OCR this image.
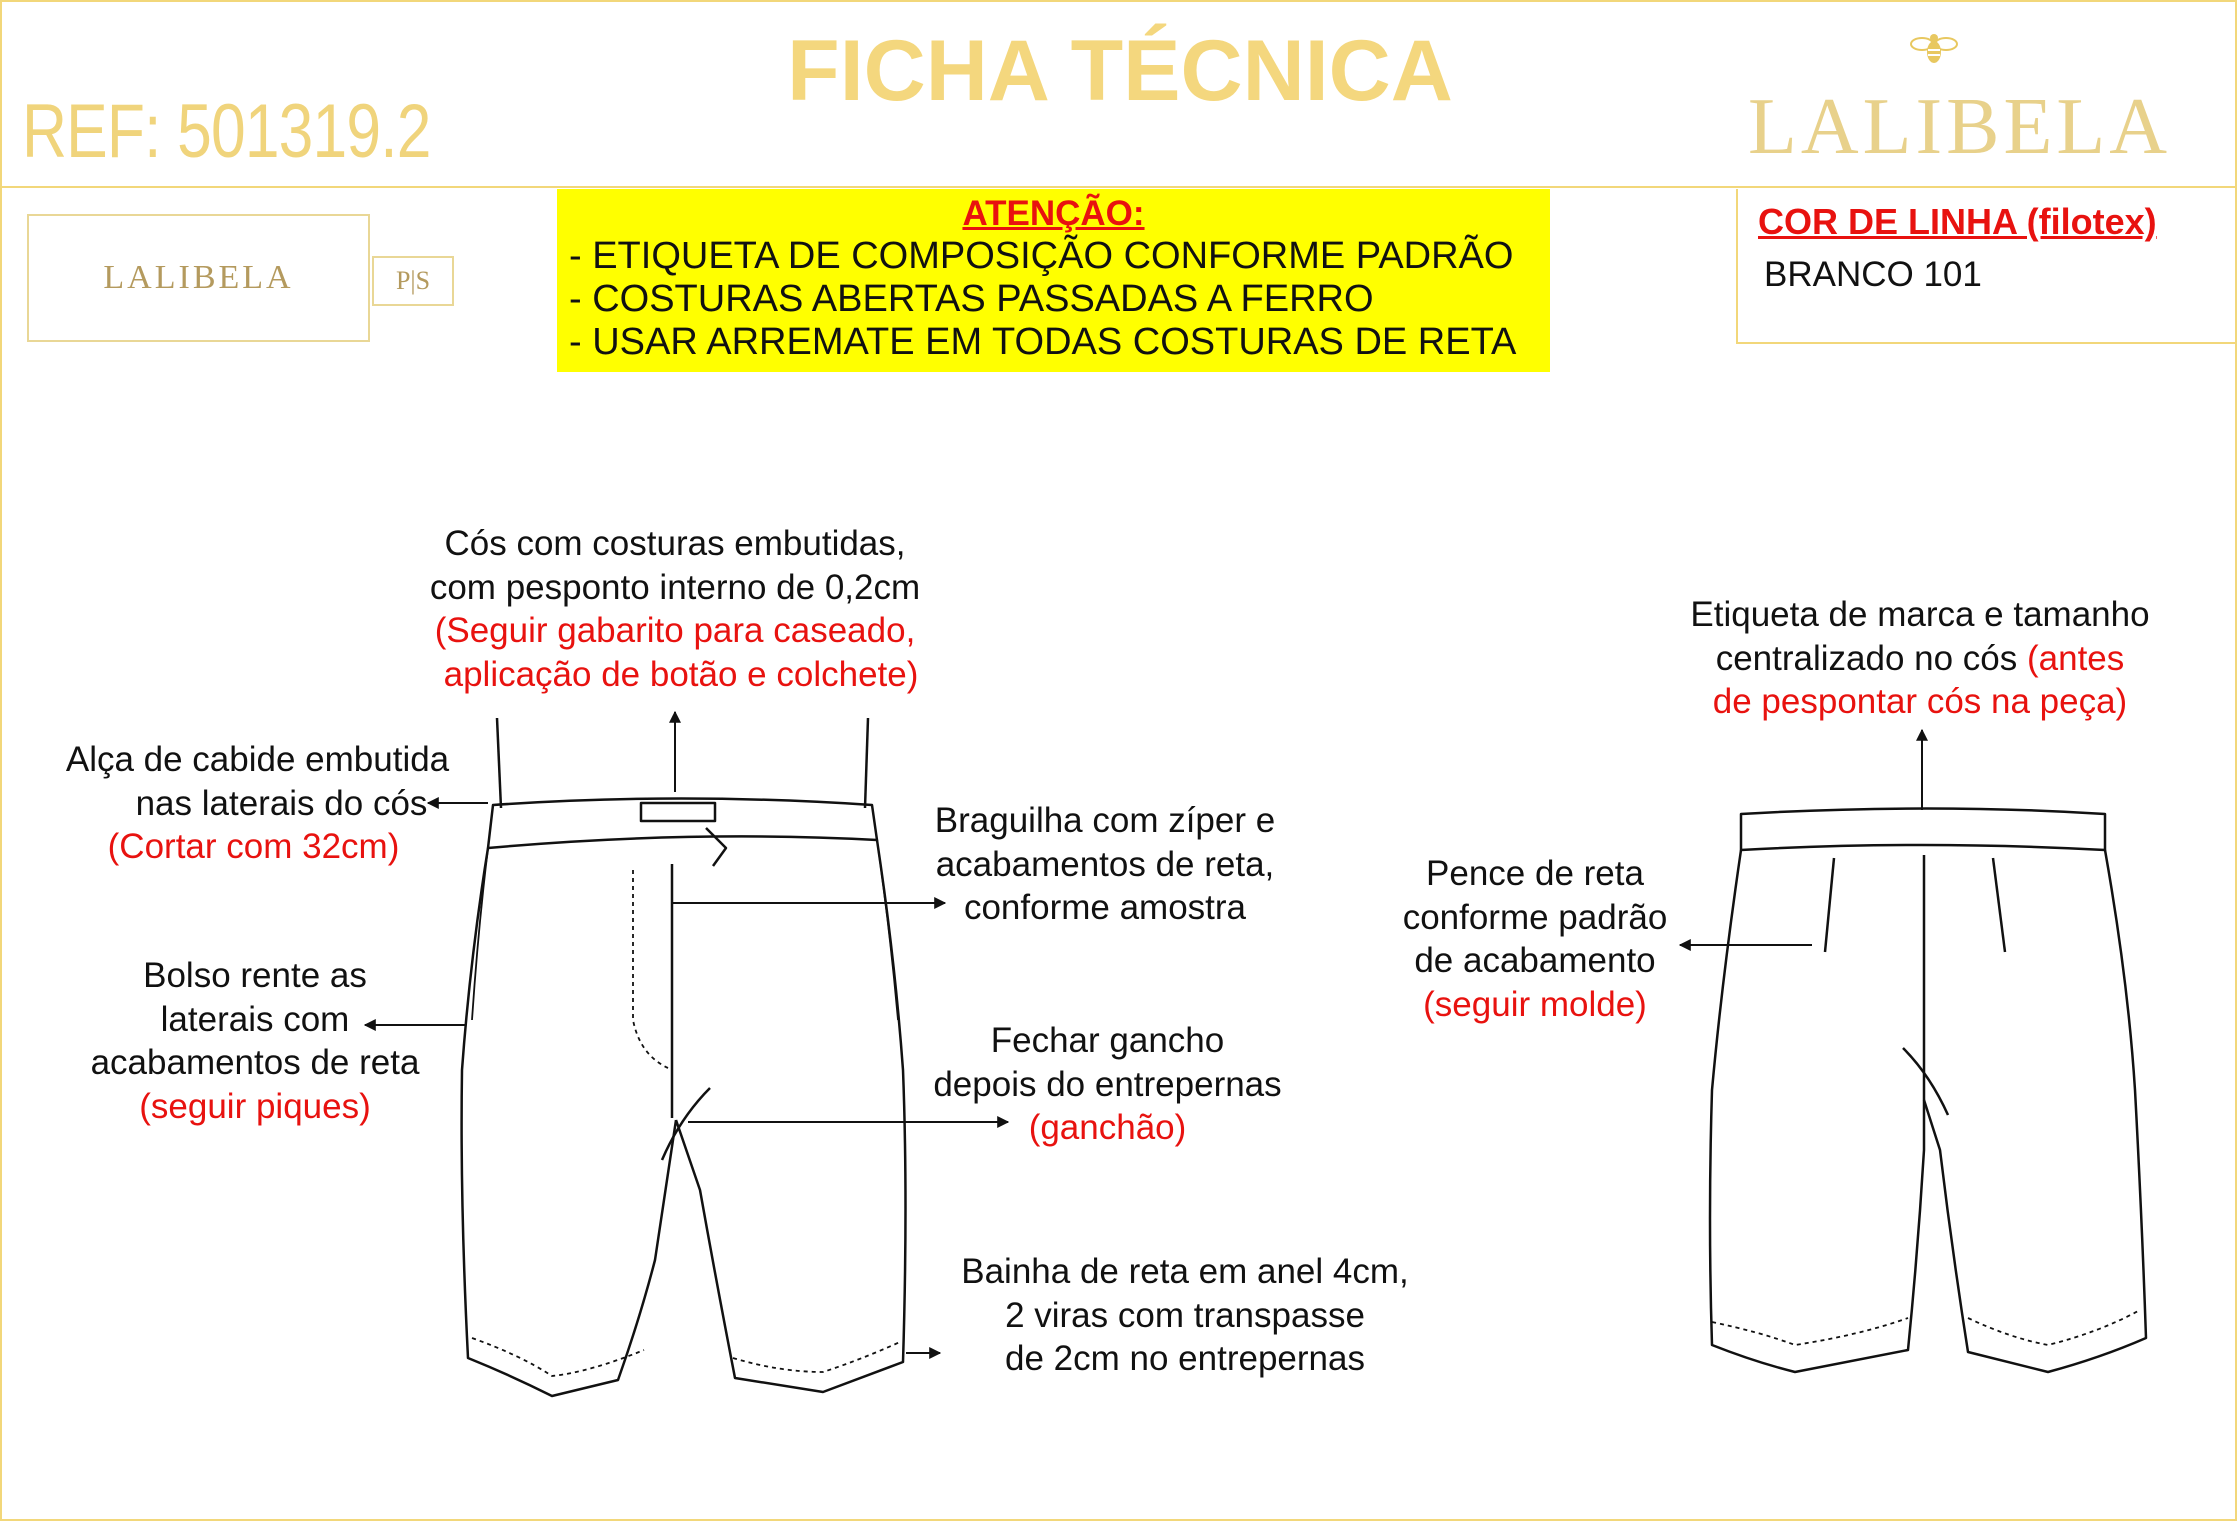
REF: 501319.2
FICHA TÉCNICA
LALIBELA
LALIBELA	P|S
ATENÇÃO:
- ETIQUETA DE COMPOSIÇÃO CONFORME PADRÃO
- COSTURAS ABERTAS PASSADAS A FERRO
- USAR ARREMATE EM TODAS COSTURAS DE RETA
COR DE LINHA (filotex)
BRANCO 101
Cós com costuras embutidas,
com pesponto interno de 0,2cm
(Seguir gabarito para caseado,
aplicação de botão e colchete)
Alça de cabide embutida
nas laterais do cós
(Cortar com 32cm)
Braguilha com zíper e
acabamentos de reta,
conforme amostra
Bolso rente as
laterais com
acabamentos de reta
(seguir piques)
Fechar gancho
depois do entrepernas
(ganchão)
Bainha de reta em anel 4cm,
2 viras com transpasse
de 2cm no entrepernas
Etiqueta de marca e tamanho
centralizado no cós (antes
de pespontar cós na peça)
Pence de reta
conforme padrão
de acabamento
(seguir molde)
